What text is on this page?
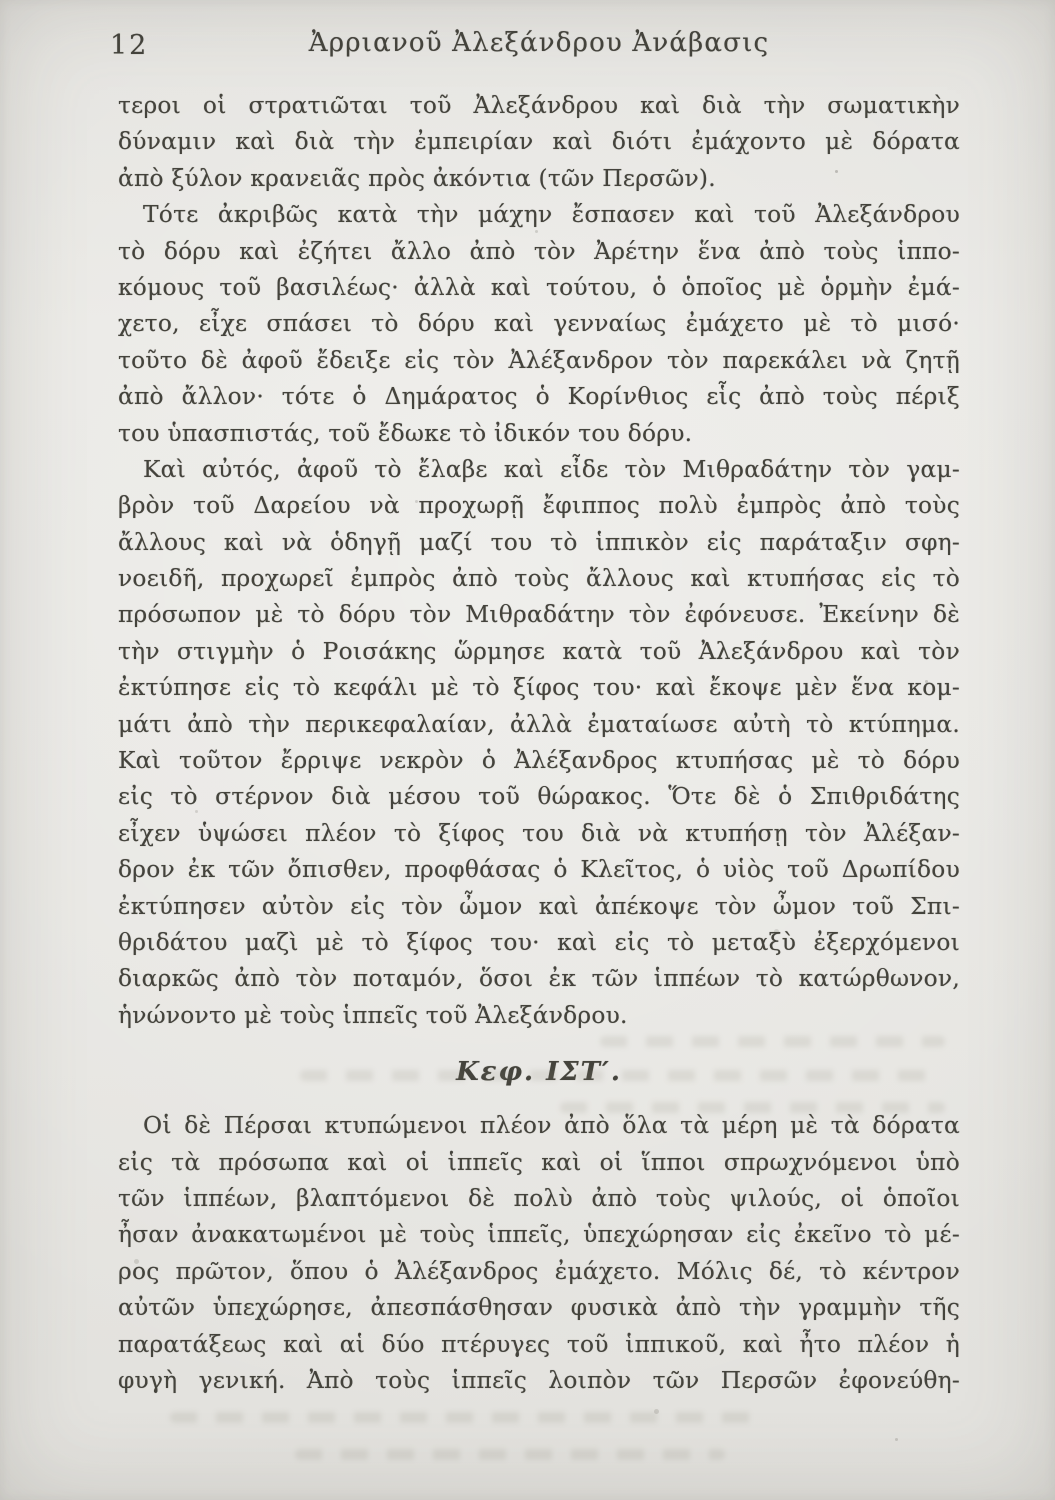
12	Ἀρριανοῦ Ἀλεξάνδρου Ἀνάβασις
τεροι οἱ στρατιῶται τοῦ Ἀλεξάνδρου καὶ διὰ τὴν σωματικὴν
δύναμιν καὶ διὰ τὴν ἐμπειρίαν καὶ διότι ἐμάχοντο μὲ δόρατα
ἀπὸ ξύλον κρανειᾶς πρὸς ἀκόντια (τῶν Περσῶν).
Τότε ἀκριβῶς κατὰ τὴν μάχην ἔσπασεν καὶ τοῦ Ἀλεξάνδρου
τὸ δόρυ καὶ ἐζήτει ἄλλο ἀπὸ τὸν Ἀρέτην ἕνα ἀπὸ τοὺς ἱππο-
κόμους τοῦ βασιλέως· ἀλλὰ καὶ τούτου, ὁ ὁποῖος μὲ ὁρμὴν ἐμά-
χετο, εἶχε σπάσει τὸ δόρυ καὶ γενναίως ἐμάχετο μὲ τὸ μισό·
τοῦτο δὲ ἀφοῦ ἔδειξε εἰς τὸν Ἀλέξανδρον τὸν παρεκάλει νὰ ζητῇ
ἀπὸ ἄλλον· τότε ὁ Δημάρατος ὁ Κορίνθιος εἷς ἀπὸ τοὺς πέριξ
του ὑπασπιστάς, τοῦ ἔδωκε τὸ ἰδικόν του δόρυ.
Καὶ αὐτός, ἀφοῦ τὸ ἔλαβε καὶ εἶδε τὸν Μιθραδάτην τὸν γαμ-
βρὸν τοῦ Δαρείου νὰ προχωρῇ ἔφιππος πολὺ ἐμπρὸς ἀπὸ τοὺς
ἄλλους καὶ νὰ ὁδηγῇ μαζί του τὸ ἱππικὸν εἰς παράταξιν σφη-
νοειδῆ, προχωρεῖ ἐμπρὸς ἀπὸ τοὺς ἄλλους καὶ κτυπήσας εἰς τὸ
πρόσωπον μὲ τὸ δόρυ τὸν Μιθραδάτην τὸν ἐφόνευσε. Ἐκείνην δὲ
τὴν στιγμὴν ὁ Ροισάκης ὥρμησε κατὰ τοῦ Ἀλεξάνδρου καὶ τὸν
ἐκτύπησε εἰς τὸ κεφάλι μὲ τὸ ξίφος του· καὶ ἔκοψε μὲν ἕνα κομ-
μάτι ἀπὸ τὴν περικεφαλαίαν, ἀλλὰ ἐματαίωσε αὐτὴ τὸ κτύπημα.
Καὶ τοῦτον ἔρριψε νεκρὸν ὁ Ἀλέξανδρος κτυπήσας μὲ τὸ δόρυ
εἰς τὸ στέρνον διὰ μέσου τοῦ θώρακος. Ὅτε δὲ ὁ Σπιθριδάτης
εἶχεν ὑψώσει πλέον τὸ ξίφος του διὰ νὰ κτυπήσῃ τὸν Ἀλέξαν-
δρον ἐκ τῶν ὄπισθεν, προφθάσας ὁ Κλεῖτος, ὁ υἱὸς τοῦ Δρωπίδου
ἐκτύπησεν αὐτὸν εἰς τὸν ὦμον καὶ ἀπέκοψε τὸν ὦμον τοῦ Σπι-
θριδάτου μαζὶ μὲ τὸ ξίφος του· καὶ εἰς τὸ μεταξὺ ἐξερχόμενοι
διαρκῶς ἀπὸ τὸν ποταμόν, ὅσοι ἐκ τῶν ἱππέων τὸ κατώρθωνον,
ἡνώνοντο μὲ τοὺς ἱππεῖς τοῦ Ἀλεξάνδρου.
Κεφ. ΙΣΤ′.
Οἱ δὲ Πέρσαι κτυπώμενοι πλέον ἀπὸ ὅλα τὰ μέρη μὲ τὰ δόρατα
εἰς τὰ πρόσωπα καὶ οἱ ἱππεῖς καὶ οἱ ἵπποι σπρωχνόμενοι ὑπὸ
τῶν ἱππέων, βλαπτόμενοι δὲ πολὺ ἀπὸ τοὺς ψιλούς, οἱ ὁποῖοι
ἦσαν ἀνακατωμένοι μὲ τοὺς ἱππεῖς, ὑπεχώρησαν εἰς ἐκεῖνο τὸ μέ-
ρος πρῶτον, ὅπου ὁ Ἀλέξανδρος ἐμάχετο. Μόλις δέ, τὸ κέντρον
αὐτῶν ὑπεχώρησε, ἀπεσπάσθησαν φυσικὰ ἀπὸ τὴν γραμμὴν τῆς
παρατάξεως καὶ αἱ δύο πτέρυγες τοῦ ἱππικοῦ, καὶ ἦτο πλέον ἡ
φυγὴ γενική. Ἀπὸ τοὺς ἱππεῖς λοιπὸν τῶν Περσῶν ἐφονεύθη-
